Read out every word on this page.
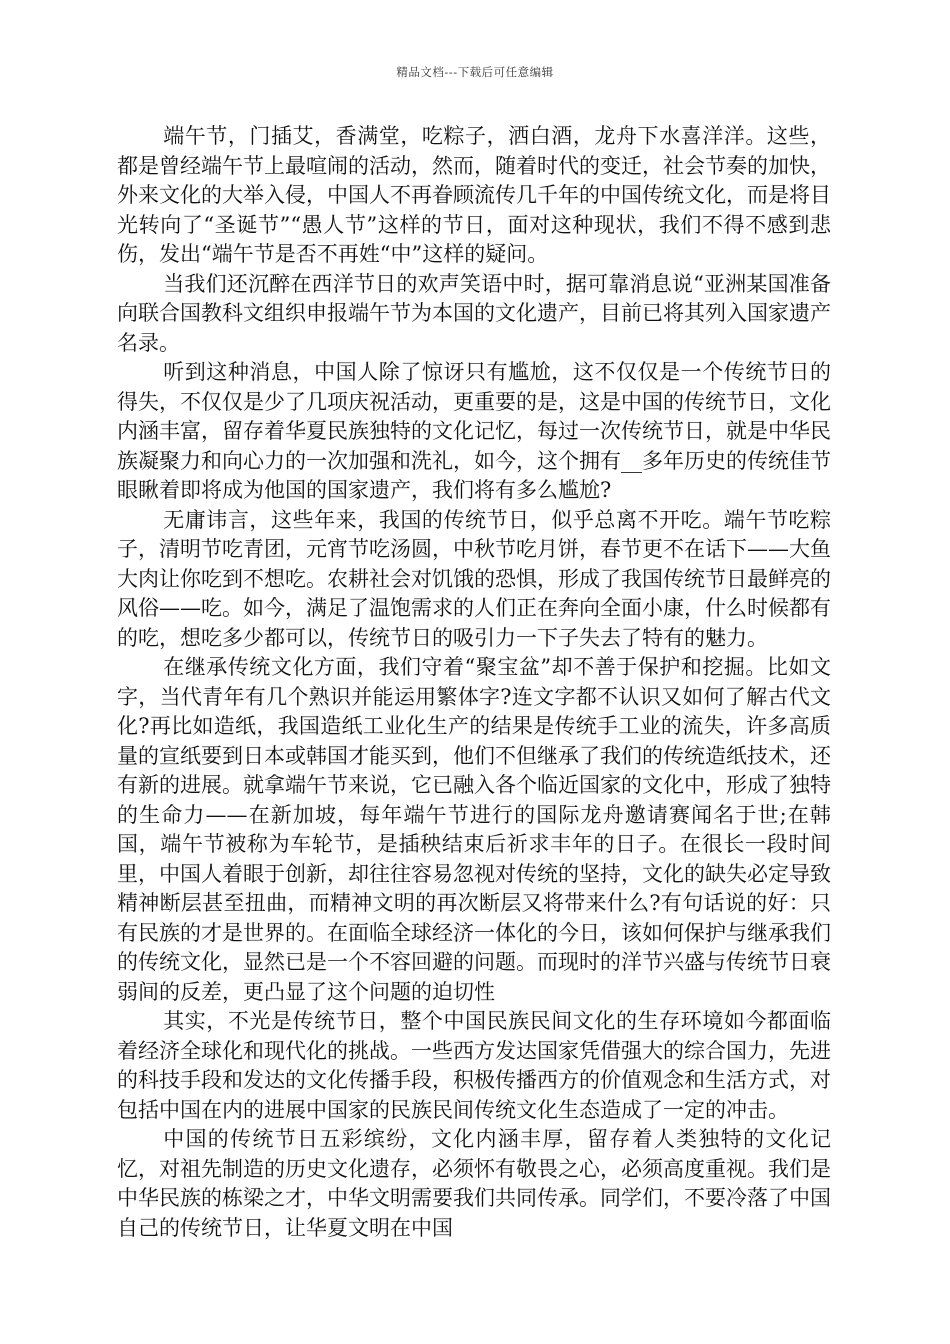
精品文档---下载后可任意编辑

端午节，门插艾，香满堂，吃粽子，洒白酒，龙舟下水喜洋洋。这些，都是曾经端午节上最喧闹的活动，然而，随着时代的变迁，社会节奏的加快，外来文化的大举入侵，中国人不再眷顾流传几千年的中国传统文化，而是将目光转向了“圣诞节”“愚人节”这样的节日，面对这种现状，我们不得不感到悲伤，发出“端午节是否不再姓“中”这样的疑问。

当我们还沉醉在西洋节日的欢声笑语中时，据可靠消息说“亚洲某国准备向联合国教科文组织申报端午节为本国的文化遗产，目前已将其列入国家遗产名录。

听到这种消息，中国人除了惊讶只有尴尬，这不仅仅是一个传统节日的得失，不仅仅是少了几项庆祝活动，更重要的是，这是中国的传统节日，文化内涵丰富，留存着华夏民族独特的文化记忆，每过一次传统节日，就是中华民族凝聚力和向心力的一次加强和洗礼，如今，这个拥有__多年历史的传统佳节眼瞅着即将成为他国的国家遗产，我们将有多么尴尬?

无庸讳言，这些年来，我国的传统节日，似乎总离不开吃。端午节吃粽子，清明节吃青团，元宵节吃汤圆，中秋节吃月饼，春节更不在话下——大鱼大肉让你吃到不想吃。农耕社会对饥饿的恐惧，形成了我国传统节日最鲜亮的风俗——吃。如今，满足了温饱需求的人们正在奔向全面小康，什么时候都有的吃，想吃多少都可以，传统节日的吸引力一下子失去了特有的魅力。

在继承传统文化方面，我们守着“聚宝盆”却不善于保护和挖掘。比如文字，当代青年有几个熟识并能运用繁体字?连文字都不认识又如何了解古代文化?再比如造纸，我国造纸工业化生产的结果是传统手工业的流失，许多高质量的宣纸要到日本或韩国才能买到，他们不但继承了我们的传统造纸技术，还有新的进展。就拿端午节来说，它已融入各个临近国家的文化中，形成了独特的生命力——在新加坡，每年端午节进行的国际龙舟邀请赛闻名于世;在韩国，端午节被称为车轮节，是插秧结束后祈求丰年的日子。在很长一段时间里，中国人着眼于创新，却往往容易忽视对传统的坚持，文化的缺失必定导致精神断层甚至扭曲，而精神文明的再次断层又将带来什么?有句话说的好：只有民族的才是世界的。在面临全球经济一体化的今日，该如何保护与继承我们的传统文化，显然已是一个不容回避的问题。而现时的洋节兴盛与传统节日衰弱间的反差，更凸显了这个问题的迫切性

其实，不光是传统节日，整个中国民族民间文化的生存环境如今都面临着经济全球化和现代化的挑战。一些西方发达国家凭借强大的综合国力，先进的科技手段和发达的文化传播手段，积极传播西方的价值观念和生活方式，对包括中国在内的进展中国家的民族民间传统文化生态造成了一定的冲击。

中国的传统节日五彩缤纷，文化内涵丰厚，留存着人类独特的文化记忆，对祖先制造的历史文化遗存，必须怀有敬畏之心，必须高度重视。我们是中华民族的栋梁之才，中华文明需要我们共同传承。同学们，不要冷落了中国自己的传统节日，让华夏文明在中国
